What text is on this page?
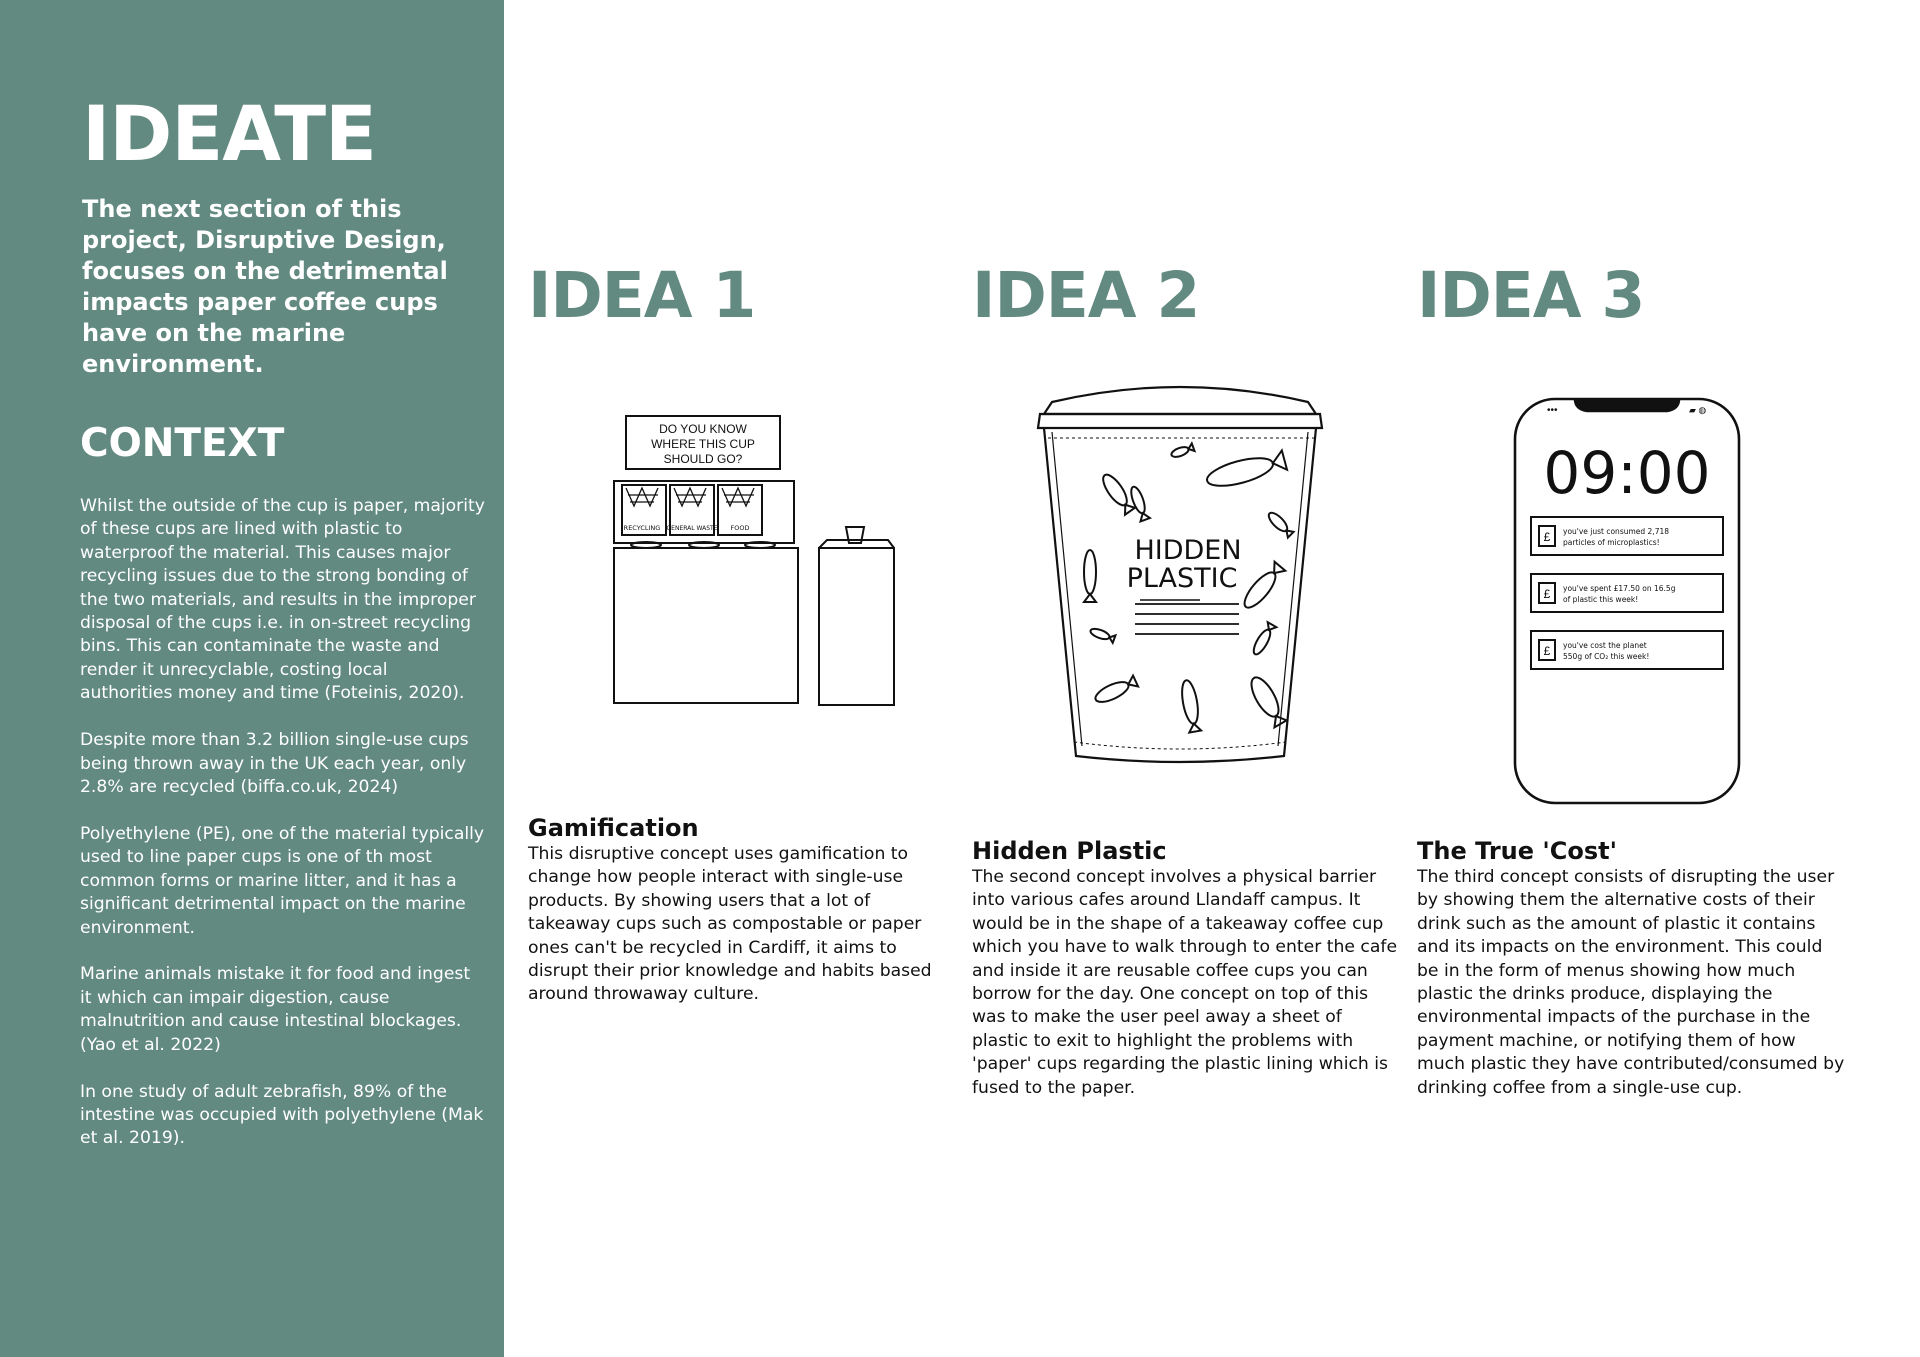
IDEATE

The next section of this project, Disruptive Design, focuses on the detrimental impacts paper coffee cups have on the marine environment.

CONTEXT

Whilst the outside of the cup is paper, majority of these cups are lined with plastic to waterproof the material. This causes major recycling issues due to the strong bonding of the two materials, and results in the improper disposal of the cups i.e. in on-street recycling bins. This can contaminate the waste and render it unrecyclable, costing local authorities money and time (Foteinis, 2020).

Despite more than 3.2 billion single-use cups being thrown away in the UK each year, only 2.8% are recycled (biffa.co.uk, 2024)

Polyethylene (PE), one of the material typically used to line paper cups is one of th most common forms or marine litter, and it has a significant detrimental impact on the marine environment.

Marine animals mistake it for food and ingest it which can impair digestion, cause malnutrition and cause intestinal blockages. (Yao et al. 2022)

In one study of adult zebrafish, 89% of the intestine was occupied with polyethylene (Mak et al. 2019).

IDEA 1
DO YOU KNOW
WHERE THIS CUP
SHOULD GO?
RECYCLING GENERAL WASTE FOOD
Gamification

This disruptive concept uses gamification to change how people interact with single-use products. By showing users that a lot of takeaway cups such as compostable or paper ones can't be recycled in Cardiff, it aims to disrupt their prior knowledge and habits based around throwaway culture.

IDEA 2
HIDDEN
PLASTIC
Hidden Plastic

The second concept involves a physical barrier into various cafes around Llandaff campus. It would be in the shape of a takeaway coffee cup which you have to walk through to enter the cafe and inside it are reusable coffee cups you can borrow for the day. One concept on top of this was to make the user peel away a sheet of plastic to exit to highlight the problems with 'paper' cups regarding the plastic lining which is fused to the paper.

IDEA 3
•••	▰ ◍
09:00
£
£
£
you've just consumed 2,718
particles of microplastics!
you've spent £17.50 on 16.5g
of plastic this week!
you've cost the planet
550g of CO₂ this week!
The True 'Cost'

The third concept consists of disrupting the user by showing them the alternative costs of their drink such as the amount of plastic it contains and its impacts on the environment. This could be in the form of menus showing how much plastic the drinks produce, displaying the environmental impacts of the purchase in the payment machine, or notifying them of how much plastic they have contributed/consumed by drinking coffee from a single-use cup.
